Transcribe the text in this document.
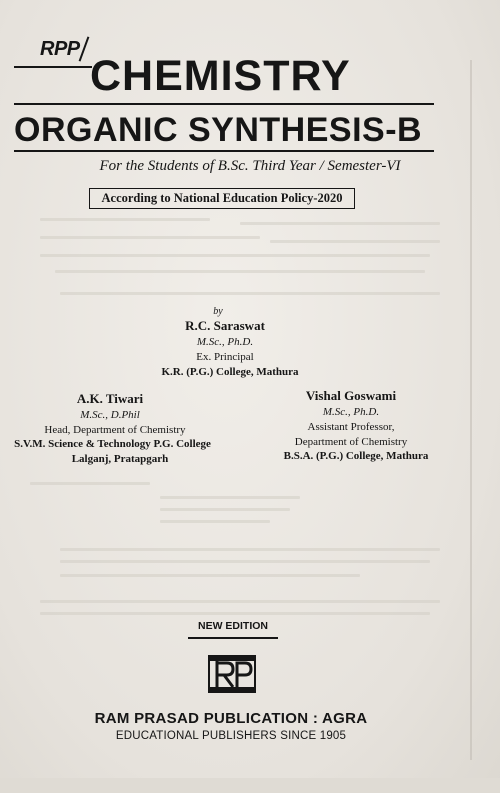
RPP
CHEMISTRY
ORGANIC SYNTHESIS-B
For the Students of B.Sc. Third Year / Semester-VI
According to National Education Policy-2020
by
R.C. Saraswat
M.Sc., Ph.D.
Ex. Principal
K.R. (P.G.) College, Mathura
A.K. Tiwari
M.Sc., D.Phil
Head, Department of Chemistry
S.V.M. Science & Technology P.G. College
Lalganj, Pratapgarh
Vishal Goswami
M.Sc., Ph.D.
Assistant Professor,
Department of Chemistry
B.S.A. (P.G.) College, Mathura
NEW EDITION
RAM PRASAD PUBLICATION : AGRA
EDUCATIONAL PUBLISHERS SINCE 1905
